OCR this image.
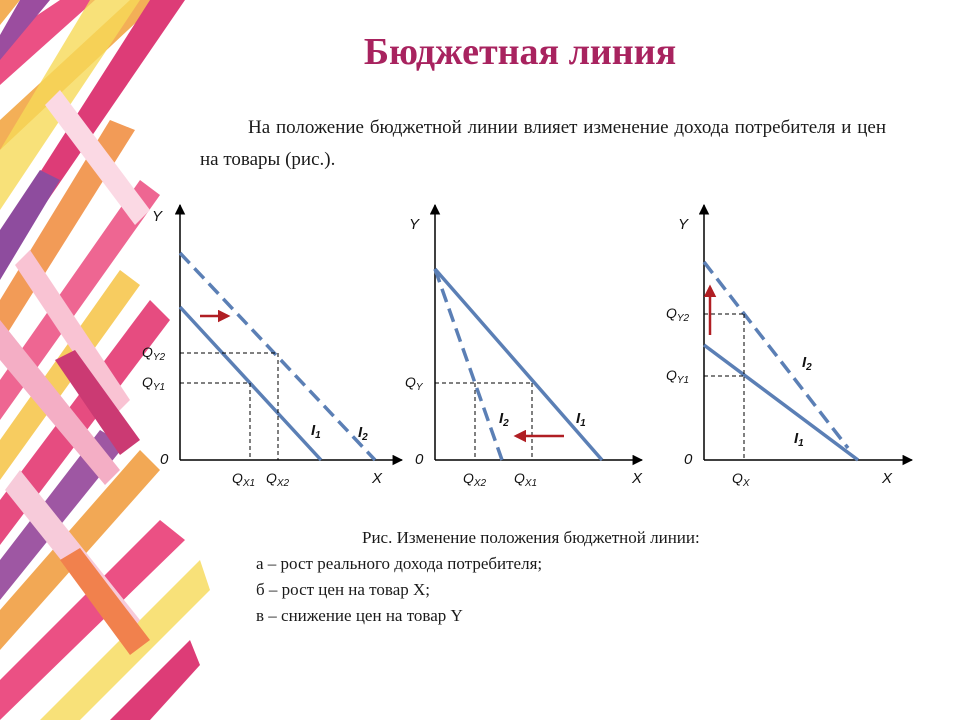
Бюджетная линия

На положение бюджетной линии влияет изменение дохода потребителя и цен на товары (рис.).

Y
X
0
$Q_{Y2}$
$Q_{Y1}$
$Q_{X1}$ $Q_{X2}$
$I_1$ $I_2$
Y
X
0
$Q_Y$
$Q_{X2}$ $Q_{X1}$
$I_1$
$I_2$
Y
X
0
$Q_{Y2}$
$Q_{Y1}$
$Q_X$
$I_1$
$I_2$
Рис. Изменение положения бюджетной линии:
а – рост реального дохода потребителя;
б – рост цен на товар X;
в – снижение цен на товар Y
